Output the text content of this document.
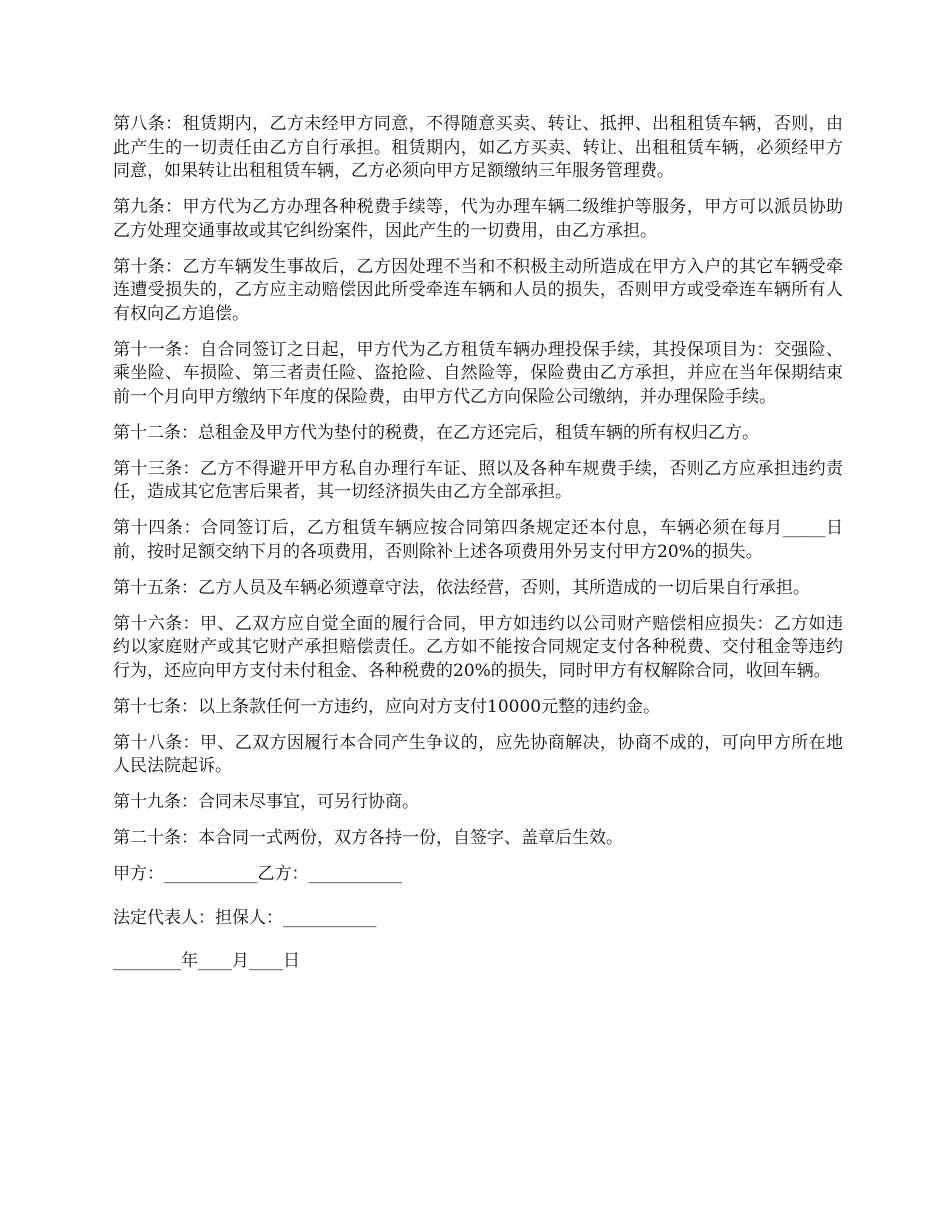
第八条：租赁期内，乙方未经甲方同意，不得随意买卖、转让、抵押、出租租赁车辆，否则，由此产生的一切责任由乙方自行承担。租赁期内，如乙方买卖、转让、出租租赁车辆，必须经甲方同意，如果转让出租租赁车辆，乙方必须向甲方足额缴纳三年服务管理费。

第九条：甲方代为乙方办理各种税费手续等，代为办理车辆二级维护等服务，甲方可以派员协助乙方处理交通事故或其它纠纷案件，因此产生的一切费用，由乙方承担。

第十条：乙方车辆发生事故后，乙方因处理不当和不积极主动所造成在甲方入户的其它车辆受牵连遭受损失的，乙方应主动赔偿因此所受牵连车辆和人员的损失，否则甲方或受牵连车辆所有人有权向乙方追偿。

第十一条：自合同签订之日起，甲方代为乙方租赁车辆办理投保手续，其投保项目为：交强险、乘坐险、车损险、第三者责任险、盗抢险、自然险等，保险费由乙方承担，并应在当年保期结束前一个月向甲方缴纳下年度的保险费，由甲方代乙方向保险公司缴纳，并办理保险手续。

第十二条：总租金及甲方代为垫付的税费，在乙方还完后，租赁车辆的所有权归乙方。

第十三条：乙方不得避开甲方私自办理行车证、照以及各种车规费手续，否则乙方应承担违约责任，造成其它危害后果者，其一切经济损失由乙方全部承担。

第十四条：合同签订后，乙方租赁车辆应按合同第四条规定还本付息，车辆必须在每月_____日前，按时足额交纳下月的各项费用，否则除补上述各项费用外另支付甲方20%的损失。

第十五条：乙方人员及车辆必须遵章守法，依法经营，否则，其所造成的一切后果自行承担。

第十六条：甲、乙双方应自觉全面的履行合同，甲方如违约以公司财产赔偿相应损失：乙方如违约以家庭财产或其它财产承担赔偿责任。乙方如不能按合同规定支付各种税费、交付租金等违约行为，还应向甲方支付未付租金、各种税费的20%的损失，同时甲方有权解除合同，收回车辆。

第十七条：以上条款任何一方违约，应向对方支付10000元整的违约金。

第十八条：甲、乙双方因履行本合同产生争议的，应先协商解决，协商不成的，可向甲方所在地人民法院起诉。

第十九条：合同未尽事宜，可另行协商。

第二十条：本合同一式两份，双方各持一份，自签字、盖章后生效。

甲方：___________乙方：___________

法定代表人：担保人：___________

________年____月____日
